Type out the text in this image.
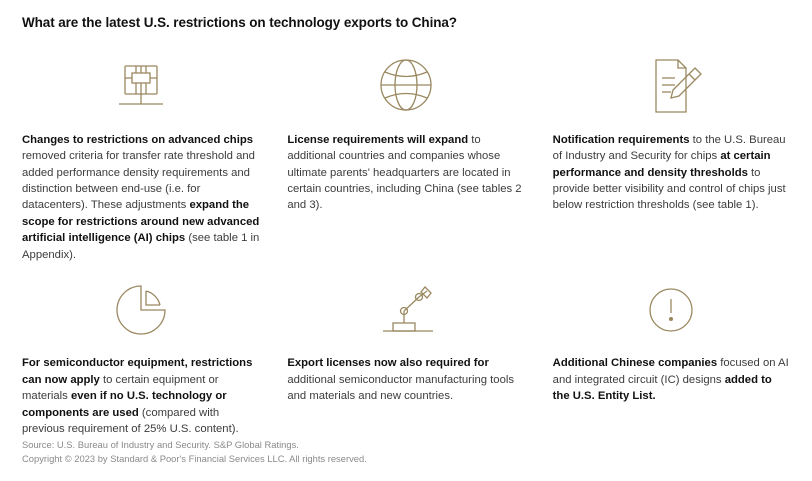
What are the latest U.S. restrictions on technology exports to China?
Changes to restrictions on advanced chips removed criteria for transfer rate threshold and added performance density requirements and distinction between end-use (i.e. for datacenters). These adjustments expand the scope for restrictions around new advanced artificial intelligence (AI) chips (see table 1 in Appendix).
License requirements will expand to additional countries and companies whose ultimate parents' headquarters are located in certain countries, including China (see tables 2 and 3).
Notification requirements to the U.S. Bureau of Industry and Security for chips at certain performance and density thresholds to provide better visibility and control of chips just below restriction thresholds (see table 1).
For semiconductor equipment, restrictions can now apply to certain equipment or materials even if no U.S. technology or components are used (compared with previous requirement of 25% U.S. content).
Export licenses now also required for additional semiconductor manufacturing tools and materials and new countries.
Additional Chinese companies focused on AI and integrated circuit (IC) designs added to the U.S. Entity List.
Source: U.S. Bureau of Industry and Security. S&P Global Ratings.
Copyright © 2023 by Standard & Poor's Financial Services LLC. All rights reserved.
